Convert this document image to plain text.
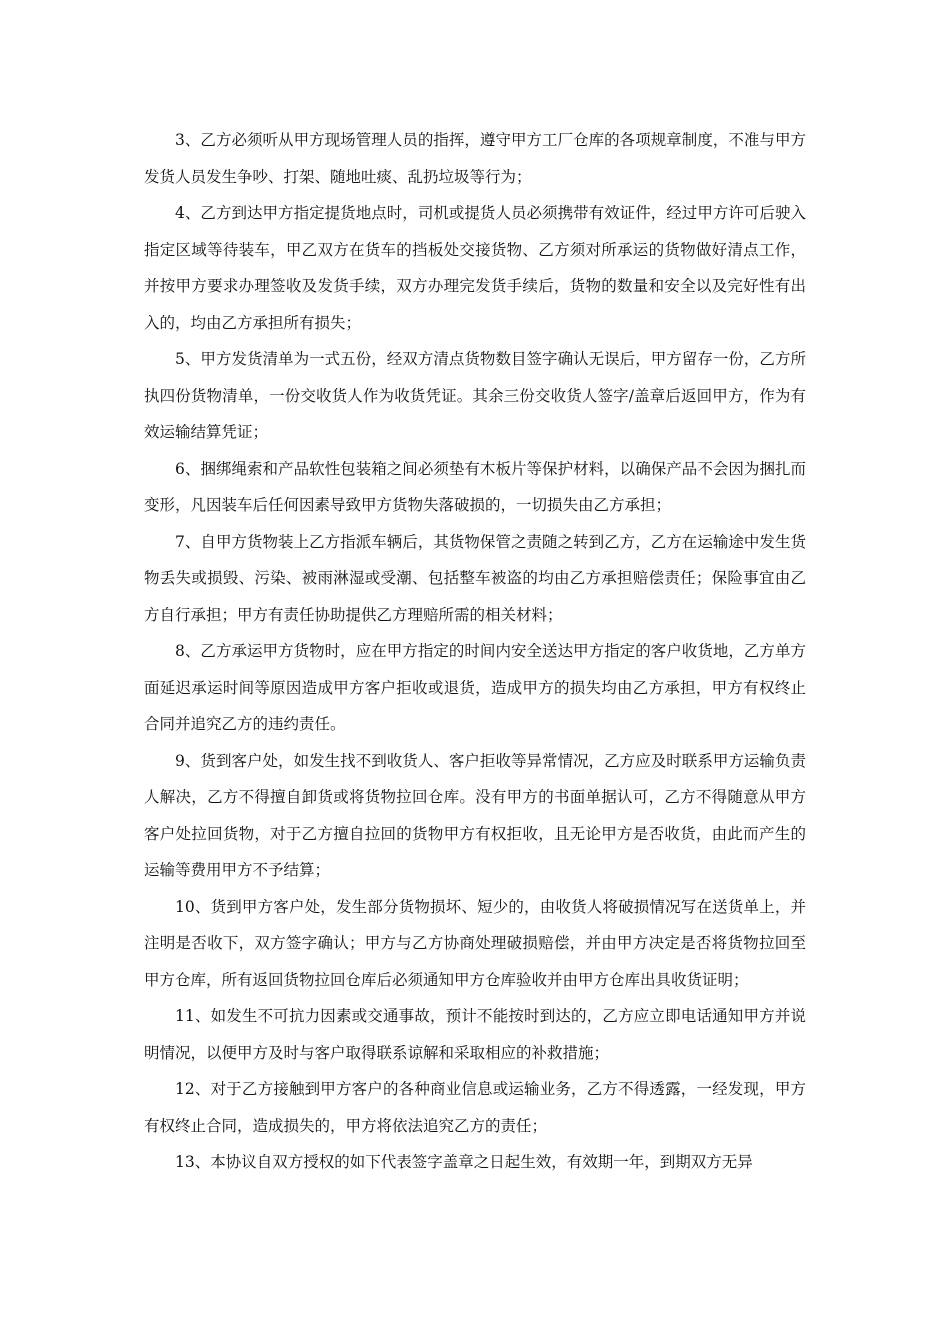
3、乙方必须听从甲方现场管理人员的指挥，遵守甲方工厂仓库的各项规章制度，不准与甲方发货人员发生争吵、打架、随地吐痰、乱扔垃圾等行为；

4、乙方到达甲方指定提货地点时，司机或提货人员必须携带有效证件，经过甲方许可后驶入指定区域等待装车，甲乙双方在货车的挡板处交接货物、乙方须对所承运的货物做好清点工作，并按甲方要求办理签收及发货手续，双方办理完发货手续后，货物的数量和安全以及完好性有出入的，均由乙方承担所有损失；

5、甲方发货清单为一式五份，经双方清点货物数目签字确认无误后，甲方留存一份，乙方所执四份货物清单，一份交收货人作为收货凭证。其余三份交收货人签字/盖章后返回甲方，作为有效运输结算凭证；

6、捆绑绳索和产品软性包装箱之间必须垫有木板片等保护材料，以确保产品不会因为捆扎而变形，凡因装车后任何因素导致甲方货物失落破损的，一切损失由乙方承担；

7、自甲方货物装上乙方指派车辆后，其货物保管之责随之转到乙方，乙方在运输途中发生货物丢失或损毁、污染、被雨淋湿或受潮、包括整车被盗的均由乙方承担赔偿责任；保险事宜由乙方自行承担；甲方有责任协助提供乙方理赔所需的相关材料；

8、乙方承运甲方货物时，应在甲方指定的时间内安全送达甲方指定的客户收货地，乙方单方面延迟承运时间等原因造成甲方客户拒收或退货，造成甲方的损失均由乙方承担，甲方有权终止合同并追究乙方的违约责任。

9、货到客户处，如发生找不到收货人、客户拒收等异常情况，乙方应及时联系甲方运输负责人解决，乙方不得擅自卸货或将货物拉回仓库。没有甲方的书面单据认可，乙方不得随意从甲方客户处拉回货物，对于乙方擅自拉回的货物甲方有权拒收，且无论甲方是否收货，由此而产生的运输等费用甲方不予结算；

10、货到甲方客户处，发生部分货物损坏、短少的，由收货人将破损情况写在送货单上，并注明是否收下，双方签字确认；甲方与乙方协商处理破损赔偿，并由甲方决定是否将货物拉回至甲方仓库，所有返回货物拉回仓库后必须通知甲方仓库验收并由甲方仓库出具收货证明；

11、如发生不可抗力因素或交通事故，预计不能按时到达的，乙方应立即电话通知甲方并说明情况，以便甲方及时与客户取得联系谅解和采取相应的补救措施；

12、对于乙方接触到甲方客户的各种商业信息或运输业务，乙方不得透露，一经发现，甲方有权终止合同，造成损失的，甲方将依法追究乙方的责任；

13、本协议自双方授权的如下代表签字盖章之日起生效，有效期一年，到期双方无异
